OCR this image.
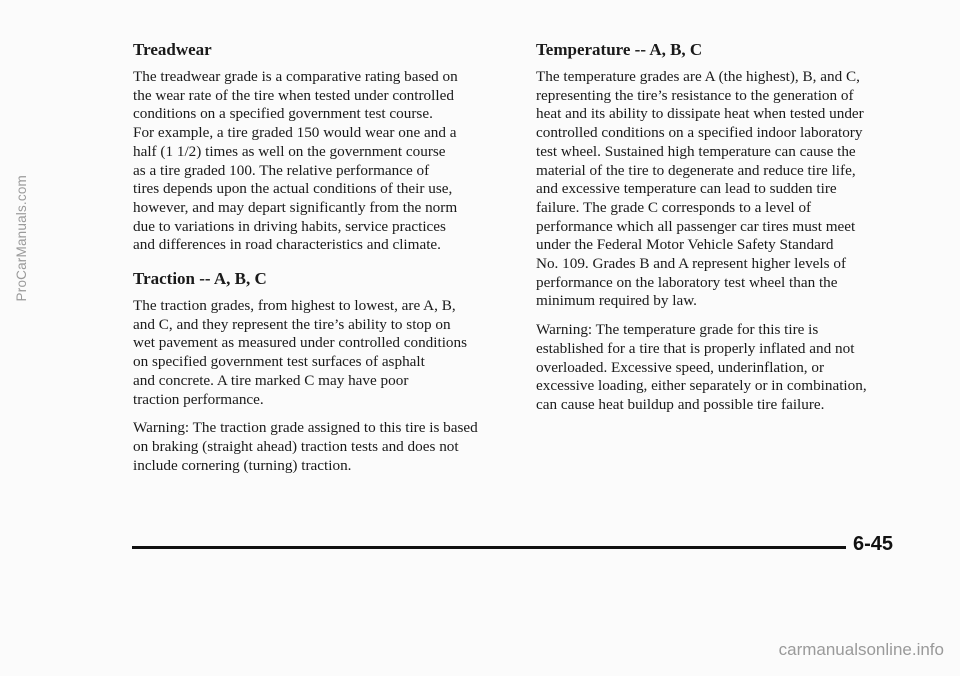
ProCarManuals.com
Treadwear

The treadwear grade is a comparative rating based on
the wear rate of the tire when tested under controlled
conditions on a specified government test course.
For example, a tire graded 150 would wear one and a
half (1 1/2) times as well on the government course
as a tire graded 100. The relative performance of
tires depends upon the actual conditions of their use,
however, and may depart significantly from the norm
due to variations in driving habits, service practices
and differences in road characteristics and climate.

Traction -- A, B, C

The traction grades, from highest to lowest, are A, B,
and C, and they represent the tire’s ability to stop on
wet pavement as measured under controlled conditions
on specified government test surfaces of asphalt
and concrete. A tire marked C may have poor
traction performance.

Warning: The traction grade assigned to this tire is based
on braking (straight ahead) traction tests and does not
include cornering (turning) traction.

Temperature -- A, B, C

The temperature grades are A (the highest), B, and C,
representing the tire’s resistance to the generation of
heat and its ability to dissipate heat when tested under
controlled conditions on a specified indoor laboratory
test wheel. Sustained high temperature can cause the
material of the tire to degenerate and reduce tire life,
and excessive temperature can lead to sudden tire
failure. The grade C corresponds to a level of
performance which all passenger car tires must meet
under the Federal Motor Vehicle Safety Standard
No. 109. Grades B and A represent higher levels of
performance on the laboratory test wheel than the
minimum required by law.

Warning: The temperature grade for this tire is
established for a tire that is properly inflated and not
overloaded. Excessive speed, underinflation, or
excessive loading, either separately or in combination,
can cause heat buildup and possible tire failure.

6-45
carmanualsonline.info
